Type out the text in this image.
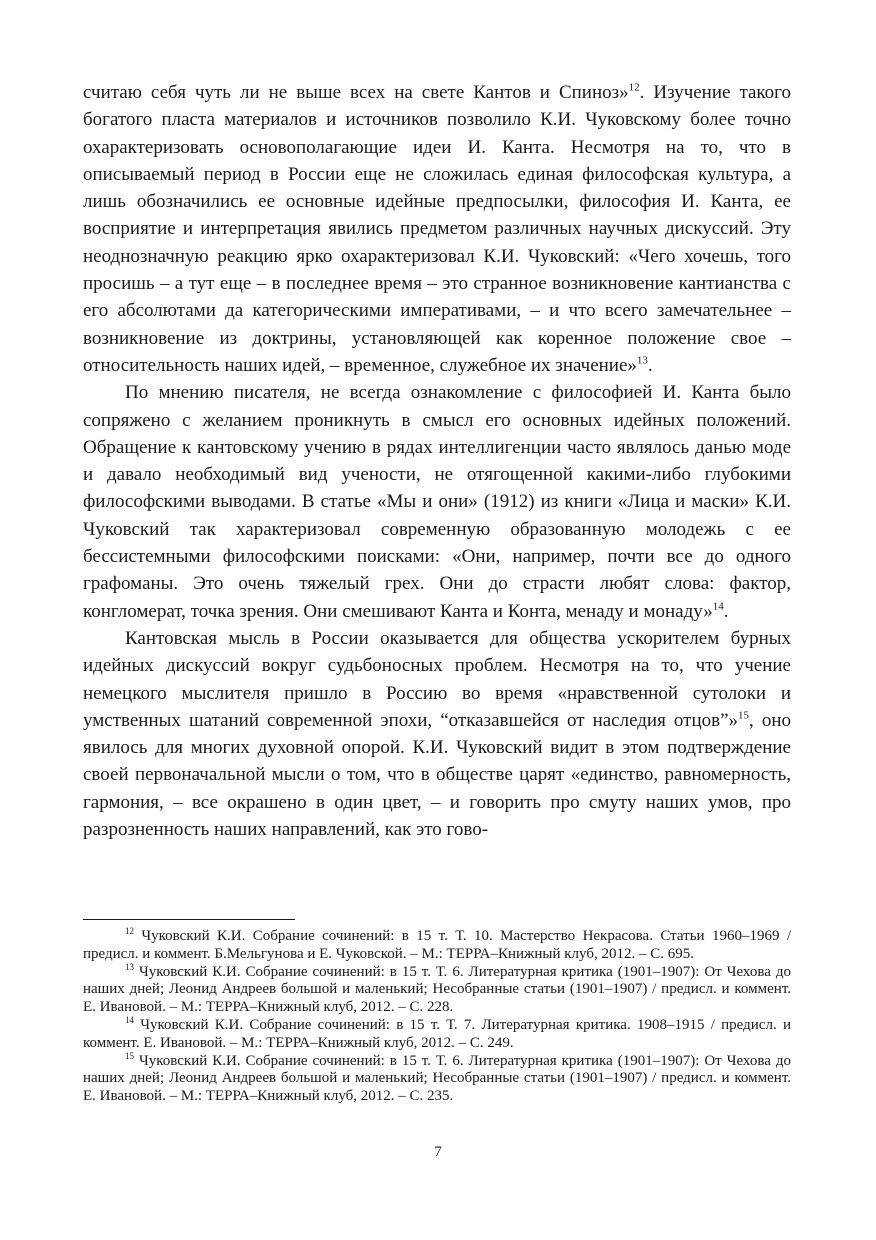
считаю себя чуть ли не выше всех на свете Кантов и Спиноз»$^{12}$. Изучение такого богатого пласта материалов и источников позволило К.И. Чуковскому более точно охарактеризовать основополагающие идеи И. Канта. Несмотря на то, что в описываемый период в России еще не сложилась единая философская культура, а лишь обозначились ее основные идейные предпосылки, философия И. Канта, ее восприятие и интерпретация явились предметом различных научных дискуссий. Эту неоднозначную реакцию ярко охарактеризовал К.И. Чуковский: «Чего хочешь, того просишь – а тут еще – в последнее время – это странное возникновение кантианства с его абсолютами да категорическими императивами, – и что всего замечательнее – возникновение из доктрины, установляющей как коренное положение свое – относительность наших идей, – временное, служебное их значение»$^{13}$.

По мнению писателя, не всегда ознакомление с философией И. Канта было сопряжено с желанием проникнуть в смысл его основных идейных положений. Обращение к кантовскому учению в рядах интеллигенции часто являлось данью моде и давало необходимый вид учености, не отягощенной какими-либо глубокими философскими выводами. В статье «Мы и они» (1912) из книги «Лица и маски» К.И. Чуковский так характеризовал современную образованную молодежь с ее бессистемными философскими поисками: «Они, например, почти все до одного графоманы. Это очень тяжелый грех. Они до страсти любят слова: фактор, конгломерат, точка зрения. Они смешивают Канта и Конта, менаду и монаду»$^{14}$.

Кантовская мысль в России оказывается для общества ускорителем бурных идейных дискуссий вокруг судьбоносных проблем. Несмотря на то, что учение немецкого мыслителя пришло в Россию во время «нравственной сутолоки и умственных шатаний современной эпохи, “отказавшейся от наследия отцов”»$^{15}$, оно явилось для многих духовной опорой. К.И. Чуковский видит в этом подтверждение своей первоначальной мысли о том, что в обществе царят «единство, равномерность, гармония, – все окрашено в один цвет, – и говорить про смуту наших умов, про разрозненность наших направлений, как это гово-

$^{12}$ Чуковский К.И. Собрание сочинений: в 15 т. Т. 10. Мастерство Некрасова. Статьи 1960–1969 / предисл. и коммент. Б.Мельгунова и Е. Чуковской. – М.: ТЕРРА–Книжный клуб, 2012. – С. 695.

$^{13}$ Чуковский К.И. Собрание сочинений: в 15 т. Т. 6. Литературная критика (1901–1907): От Чехова до наших дней; Леонид Андреев большой и маленький; Несобранные статьи (1901–1907) / предисл. и коммент. Е. Ивановой. – М.: ТЕРРА–Книжный клуб, 2012. – С. 228.

$^{14}$ Чуковский К.И. Собрание сочинений: в 15 т. Т. 7. Литературная критика. 1908–1915 / предисл. и коммент. Е. Ивановой. – М.: ТЕРРА–Книжный клуб, 2012. – С. 249.

$^{15}$ Чуковский К.И. Собрание сочинений: в 15 т. Т. 6. Литературная критика (1901–1907): От Чехова до наших дней; Леонид Андреев большой и маленький; Несобранные статьи (1901–1907) / предисл. и коммент. Е. Ивановой. – М.: ТЕРРА–Книжный клуб, 2012. – С. 235.

7
